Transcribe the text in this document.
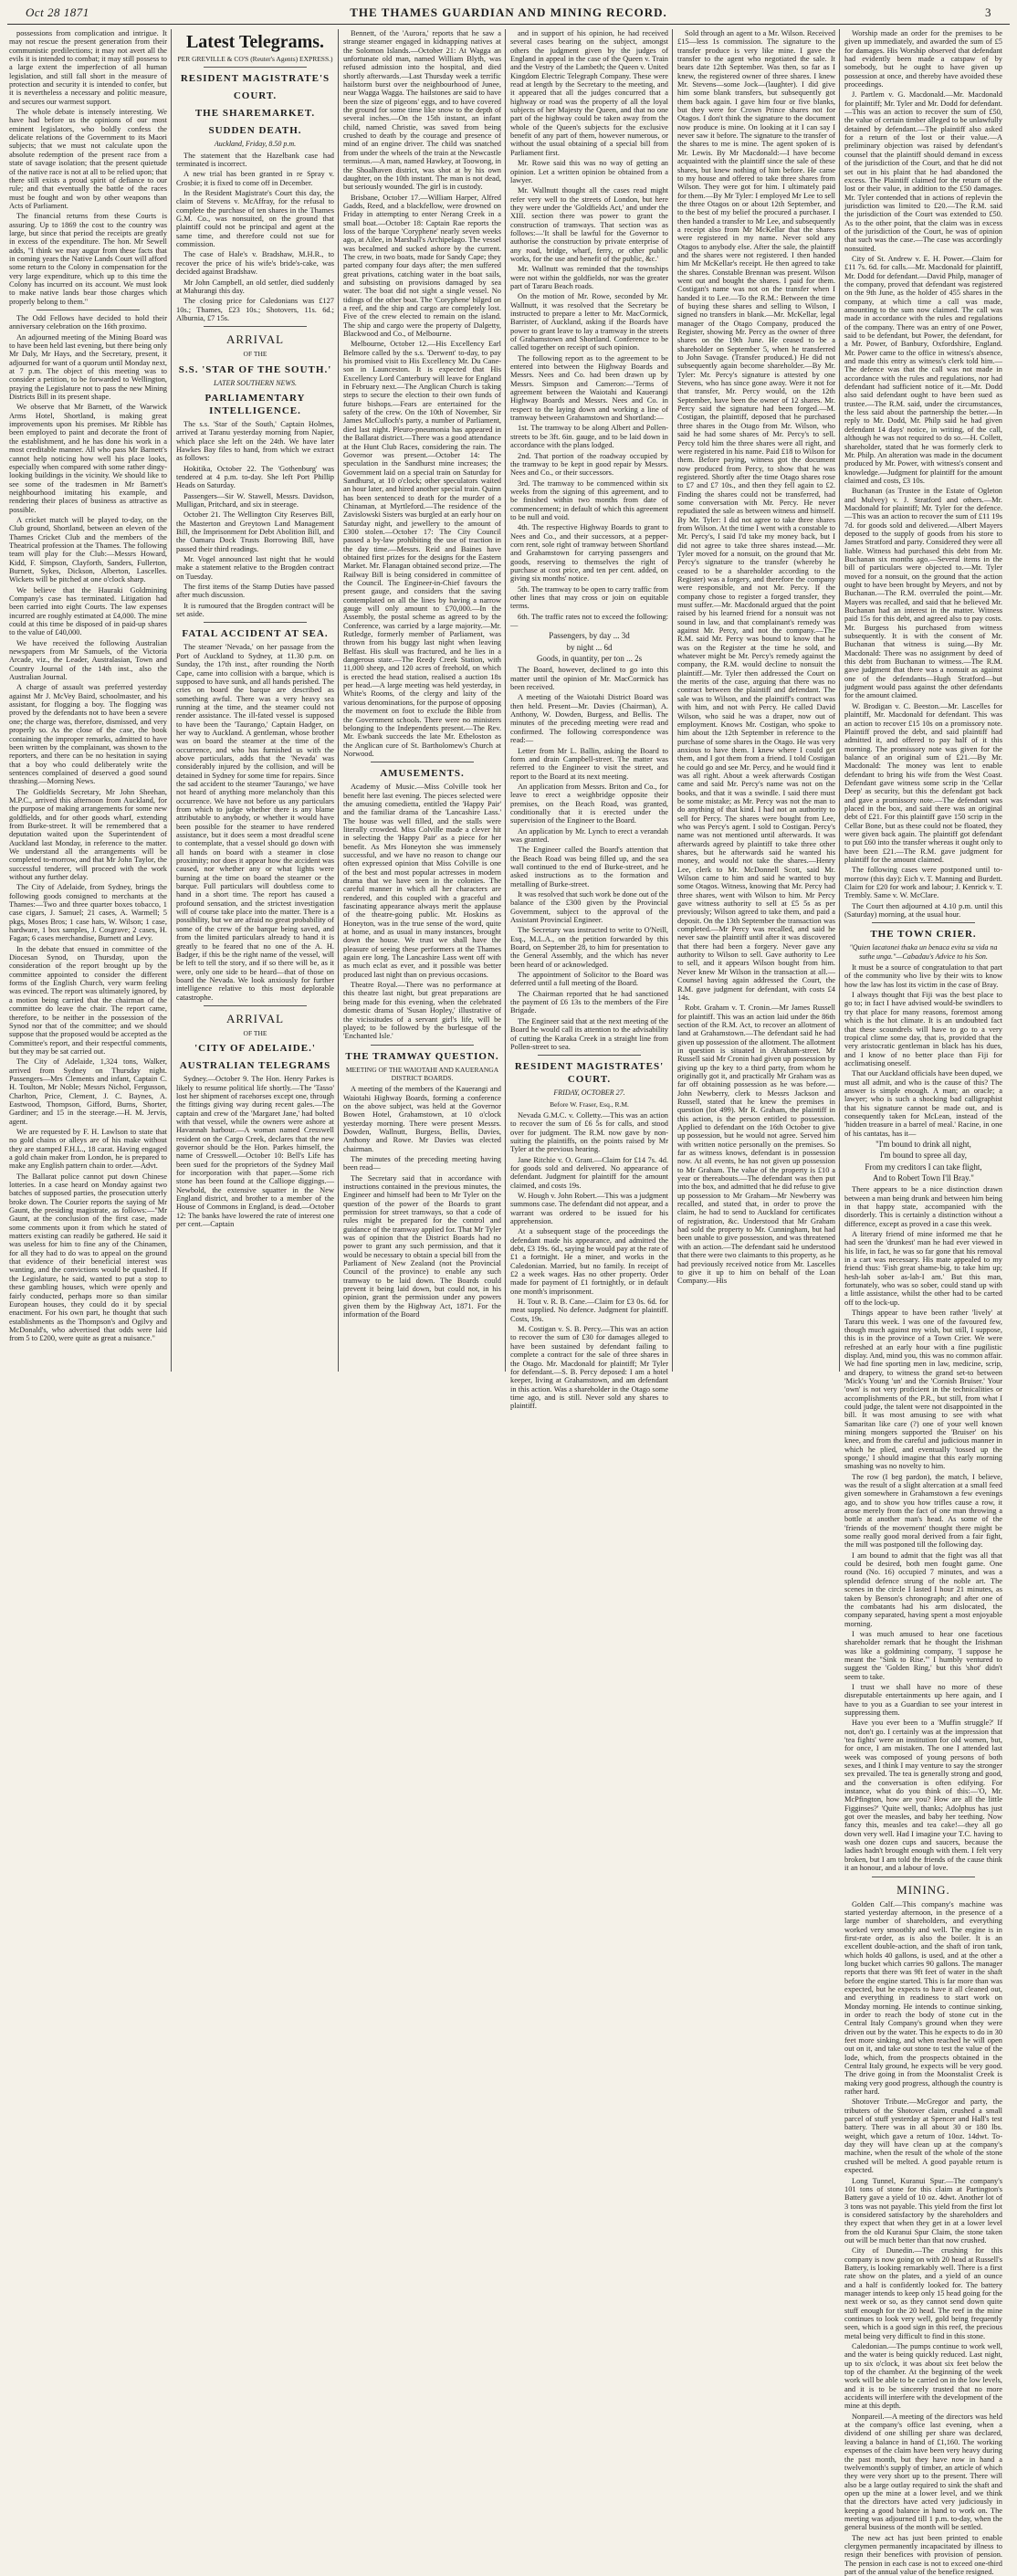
Oct 28 1871	THE THAMES GUARDIAN AND MINING RECORD.	3

possessions from complication and intrigue. It may not rescue the present generation from their communistic predilections; it may not avert all the evils it is intended to combat; it may still possess to a large extent the imperfection of all human legislation, and still fall short in the measure of protection and security it is intended to confer, but it is nevertheless a necessary and politic measure, and secures our warmest support.

The whole debate is intensely interesting. We have had before us the opinions of our most eminent legislators, who boldly confess the delicate relations of the Government to its Maori subjects; that we must not calculate upon the absolute redemption of the present race from a state of savage isolation; that the present quietude of the native race is not at all to be relied upon; that there still exists a proud spirit of defiance to our rule; and that eventually the battle of the races must be fought and won by other weapons than Acts of Parliament.

The financial returns from these Courts is assuring. Up to 1869 the cost to the country was large, but since that period the receipts are greatly in excess of the expenditure. The hon. Mr Sewell adds, "I think we may augur from these facts that in coming years the Native Lands Court will afford some return to the Colony in compensation for the very large expenditure, which up to this time the Colony has incurred on its account. We must look to make native lands bear those charges which properly belong to them."

The Odd Fellows have decided to hold their anniversary celebration on the 16th proximo.

An adjourned meeting of the Mining Board was to have been held last evening, but there being only Mr Daly, Mr Hays, and the Secretary, present, it adjourned for want of a quorum until Monday next, at 7 p.m. The object of this meeting was to consider a petition, to be forwarded to Wellington, praying the Legislature not to pass the new Mining Districts Bill in its present shape.

We observe that Mr Barnett, of the Warwick Arms Hotel, Shortland, is making great improvements upon his premises. Mr Ribble has been employed to paint and decorate the front of the establishment, and he has done his work in a most creditable manner. All who pass Mr Barnett's cannot help noticing how well his place looks, especially when compared with some rather dingy-looking buildings in the vicinity. We should like to see some of the tradesmen in Mr Barnett's neighbourhood imitating his example, and rendering their places of business as attractive as possible.

A cricket match will be played to-day, on the Club ground, Shortland, between an eleven of the Thames Cricket Club and the members of the Theatrical profession at the Thames. The following team will play for the Club:—Messrs Howard, Kidd, F. Simpson, Clayforth, Sanders, Fullerton, Burnett, Sykes, Dickson, Alberton, Lascelles. Wickets will be pitched at one o'clock sharp.

We believe that the Hauraki Goldmining Company's case has terminated. Litigation had been carried into eight Courts. The law expenses incurred are roughly estimated at £4,000. The mine could at this time be disposed of in paid-up shares to the value of £40,000.

We have received the following Australian newspapers from Mr Samuels, of the Victoria Arcade, viz., the Leader, Australasian, Town and Country Journal of the 14th inst., also the Australian Journal.

A charge of assault was preferred yesterday against Mr J. McVey Baird, schoolmaster, and his assistant, for flogging a boy. The flogging was proved by the defendants not to have been a severe one; the charge was, therefore, dismissed, and very properly so. As the close of the case, the book containing the improper remarks, admitted to have been written by the complainant, was shown to the reporters, and there can be no hesitation in saying that a boy who could deliberately write the sentences complained of deserved a good sound thrashing.—Morning News.

The Goldfields Secretary, Mr John Sheehan, M.P.C., arrived this afternoon from Auckland, for the purpose of making arrangements for some new goldfields, and for other goods wharf, extending from Burke-street. It will be remembered that a deputation waited upon the Superintendent of Auckland last Monday, in reference to the matter. We understand all the arrangements will be completed to-morrow, and that Mr John Taylor, the successful tenderer, will proceed with the work without any further delay.

The City of Adelaide, from Sydney, brings the following goods consigned to merchants at the Thames:—Two and three quarter boxes tobacco, 1 case cigars, J. Samuel; 21 cases, A. Warmell; 5 pkgs, Moses Bros; 1 case hats, W. Wilson; 1 case, hardware, 1 box samples, J. Cosgrave; 2 cases, H. Fagan; 6 cases merchandise, Burnett and Levy.

In the debate that ensued in committee of the Diocesan Synod, on Thursday, upon the consideration of the report brought up by the committee appointed to consider the different forms of the English Church, very warm feeling was evinced. The report was ultimately ignored, by a motion being carried that the chairman of the committee do leave the chair. The report came, therefore, to be neither in the possession of the Synod nor that of the committee; and we should suppose that the proposed would be accepted as the Committee's report, and their respectful comments, but they may be sat carried out.

The City of Adelaide, 1,324 tons, Walker, arrived from Sydney on Thursday night. Passengers—Mrs Clements and infant, Captain C. H. Toulton, Mr Noble; Messrs Nichol, Fergusson, Charlton, Price, Clement, J. C. Baynes, A. Eastwood, Thompson, Gifford, Burns, Shorter, Gardiner; and 15 in the steerage.—H. M. Jervis, agent.

We are requested by F. H. Lawlson to state that no gold chains or alleys are of his make without they are stamped F.H.L., 18 carat. Having engaged a gold chain maker from London, he is prepared to make any English pattern chain to order.—Advt.

The Ballarat police cannot put down Chinese lotteries. In a case heard on Monday against two batches of supposed parties, the prosecution utterly broke down. The Courier reports the saying of Mr Gaunt, the presiding magistrate, as follows:—"Mr Gaunt, at the conclusion of the first case, made some comments upon it from which he stated of matters existing can readily be gathered. He said it was useless for him to fine any of the Chinamen, for all they had to do was to appeal on the ground that evidence of their beneficial interest was wanting, and the convictions would be quashed. If the Legislature, he said, wanted to put a stop to these gambling houses, which were openly and fairly conducted, perhaps more so than similar European houses, they could do it by special enactment. For his own part, he thought that such establishments as the Thompson's and Ogilvy and McDonald's, who advertised that odds were laid from 5 to £200, were quite as great a nuisance."

Latest Telegrams.
PER GREVILLE & CO'S (Reuter's Agents) EXPRESS.)
RESIDENT MAGISTRATE'S
COURT.
THE SHAREMARKET.
SUDDEN DEATH.
Auckland, Friday, 8.50 p.m.

The statement that the Hazelbank case had terminated is incorrect.

A new trial has been granted in re Spray v. Crosbie; it is fixed to come off in December.

In the Resident Magistrate's Court this day, the claim of Stevens v. McAffray, for the refusal to complete the purchase of ten shares in the Thames G.M. Co., was nonsuited, on the ground that plaintiff could not be principal and agent at the same time, and therefore could not sue for commission.

The case of Hale's v. Bradshaw, M.H.R., to recover the price of his wife's bride's-cake, was decided against Bradshaw.

Mr John Campbell, an old settler, died suddenly at Mahurangi this day.

The closing price for Caledonians was £127 10s.; Thames, £23 10s.; Shotovers, 11s. 6d.; Alburnia, £7 15s.

ARRIVAL
OF THE
S.S. 'STAR OF THE SOUTH.'
LATER SOUTHERN NEWS.
PARLIAMENTARY INTELLIGENCE.

The s.s. 'Star of the South,' Captain Holmes, arrived at Taranu yesterday morning from Napier, which place she left on the 24th. We have later Hawkes Bay files to hand, from which we extract as follows:

Hokitika, October 22. The 'Gothenburg' was tendered at 4 p.m. to-day. She left Port Phillip Heads on Saturday.

Passengers—Sir W. Stawell, Messrs. Davidson, Mulligan, Pritchard, and six in steerage.

October 21. The Wellington City Reserves Bill, the Masterton and Greytown Land Management Bill, the Imprisonment for Debt Abolition Bill, and the Oamaru Dock Trusts Borrowing Bill, have passed their third readings.

Mr. Vogel announced last night that he would make a statement relative to the Brogden contract on Tuesday.

The first items of the Stamp Duties have passed after much discussion.

It is rumoured that the Brogden contract will be set aside.

FATAL ACCIDENT AT SEA.

The steamer 'Nevada,' on her passage from the Port of Auckland to Sydney, at 11.30 p.m. on Sunday, the 17th inst., after rounding the North Cape, came into collision with a barque, which is supposed to have sunk, and all hands perished. The cries on board the barque are described as something awful. There was a very heavy sea running at the time, and the steamer could not render assistance. The ill-fated vessel is supposed to have been the 'Taurango,' Captain Hadger, on her way to Auckland. A gentleman, whose brother was on board the steamer at the time of the occurrence, and who has furnished us with the above particulars, adds that the 'Nevada' was considerably injured by the collision, and will be detained in Sydney for some time for repairs. Since the sad accident to the steamer 'Taurango,' we have not heard of anything more melancholy than this occurrence. We have not before us any particulars from which to judge whether there is any blame attributable to anybody, or whether it would have been possible for the steamer to have rendered assistance, but it does seem a most dreadful scene to contemplate, that a vessel should go down with all hands on board with a steamer in close proximity; nor does it appear how the accident was caused, nor whether any or what lights were burning at the time on board the steamer or the barque. Full particulars will doubtless come to hand in a short time. The report has caused a profound sensation, and the strictest investigation will of course take place into the matter. There is a possibility, but we are afraid no great probability of some of the crew of the barque being saved, and from the limited particulars already to hand it is greatly to be feared that no one of the A. H. Badger, if this be the right name of the vessel, will be left to tell the story, and if so there will be, as it were, only one side to be heard—that of those on board the Nevada. We look anxiously for further intelligence relative to this most deplorable catastrophe.

ARRIVAL
OF THE
'CITY OF ADELAIDE.'
AUSTRALIAN TELEGRAMS

Sydney.—October 9. The Hon. Henry Parkes is likely to resume political life shortly.—The 'Tasso' lost her shipment of racehorses except one, through the fittings giving way during recent gales.—The captain and crew of the 'Margaret Jane,' had bolted with that vessel, while the owners were ashore at Havannah harbour.—A woman named Cresswell resident on the Cargo Creek, declares that the new governor should be the Hon. Parkes himself, the name of Cresswell.—October 10: Bell's Life has been sued for the proprietors of the Sydney Mail for incorporation with that paper.—Some rich stone has been found at the Calliope diggings.—Newbold, the extensive squatter in the New England district, and brother to a member of the House of Commons in England, is dead.—October 12: The banks have lowered the rate of interest one per cent.—Captain

Bennett, of the 'Aurora,' reports that he saw a strange steamer engaged in kidnapping natives at the Solomon Islands.—October 21: At Wagga an unfortunate old man, named William Blyth, was refused admission into the hospital, and died shortly afterwards.—Last Thursday week a terrific hailstorm burst over the neighbourhood of Junee, near Wagga Wagga. The hailstones are said to have been the size of pigeons' eggs, and to have covered the ground for some time like snow to the depth of several inches.—On the 15th instant, an infant child, named Christie, was saved from being crushed to death by the courage and presence of mind of an engine driver. The child was snatched from under the wheels of the train at the Newcastle terminus.—A man, named Hawkey, at Toowong, in the Shoalhaven district, was shot at by his own daughter, on the 10th instant. The man is not dead, but seriously wounded. The girl is in custody.

Brisbane, October 17.—William Harper, Alfred Gadds, Reed, and a blackfellow, were drowned on Friday in attempting to enter Nerang Creek in a small boat.—October 18: Captain Rae reports the loss of the barque 'Coryphene' nearly seven weeks ago, at Ailee, in Marshall's Archipelago. The vessel was becalmed and sucked ashore by the current. The crew, in two boats, made for Sandy Cape; they parted company four days after; the men suffered great privations, catching water in the boat sails, and subsisting on provisions damaged by sea water. The boat did not sight a single vessel. No tidings of the other boat. The 'Coryphene' bilged on a reef, and the ship and cargo are completely lost. Five of the crew elected to remain on the island. The ship and cargo were the property of Dalgetty, Blackwood and Co., of Melbourne.

Melbourne, October 12.—His Excellency Earl Belmore called by the s.s. 'Derwent' to-day, to pay his promised visit to His Excellency Mr. Du Cane-son in Launceston. It is expected that His Excellency Lord Canterbury will leave for England in February next.—The Anglican Church is taking steps to secure the election to their own funds of future bishops.—Fears are entertained for the safety of the crew. On the 10th of November, Sir James McCulloch's party, a number of Parliament, died last night. Pleuro-pneumonia has appeared in the Ballarat district.—There was a good attendance at the Hunt Club Races, considering the rain. The Governor was present.—October 14: The speculation in the Sandhurst mine increases; the Government laid on a special train on Saturday for Sandhurst, at 10 o'clock; other speculators waited an hour later, and hired another special train. Quinn has been sentenced to death for the murder of a Chinaman, at Myrtleford.—The residence of the Zavislowski Sisters was burgled at an early hour on Saturday night, and jewellery to the amount of £300 stolen.—October 17: The City Council passed a by-law prohibiting the use of traction in the day time.—Messrs. Reid and Baines have obtained first prizes for the designs for the Eastern Market. Mr. Flanagan obtained second prize.—The Railway Bill is being considered in committee of the Council. The Engineer-in-Chief favours the present gauge, and considers that the saving contemplated on all the lines by having a narrow gauge will only amount to £70,000.—In the Assembly, the postal scheme as agreed to by the Conference, was carried by a large majority.—Mr. Rutledge, formerly member of Parliament, was thrown from his buggy last night when leaving Belfast. His skull was fractured, and he lies in a dangerous state.—The Reedy Creek Station, with 11,000 sheep, and 120 acres of freehold, on which is erected the head station, realised a auction 18s per head.—A large meeting was held yesterday, in White's Rooms, of the clergy and laity of the various denominations, for the purpose of opposing the movement on foot to exclude the Bible from the Government schools. There were no ministers belonging to the Independents present.—The Rev. Mr. Ewbank succeeds the late Mr. Etheloston as the Anglican cure of St. Bartholomew's Church at Norwood.

AMUSEMENTS.

Academy of Music.—Miss Colville took her benefit here last evening. The pieces selected were the amusing comedietta, entitled the 'Happy Pair' and the familiar drama of the 'Lancashire Lass.' The house was well filled, and the stalls were literally crowded. Miss Colville made a clever hit in selecting the 'Happy Pair' as a piece for her benefit. As Mrs Honeyton she was immensely successful, and we have no reason to change our often expressed opinion that Miss Colville is one of the best and most popular actresses in modern drama that we have seen in the colonies. The careful manner in which all her characters are rendered, and this coupled with a graceful and fascinating appearance always merit the applause of the theatre-going public. Mr. Hoskins as Honeyton, was in the true sense of the word, quite at home, and as usual in many instances, brought down the house. We trust we shall have the pleasure of seeing these performers at the Thames again ere long. The Lancashire Lass went off with as much eclat as ever, and it possible was better produced last night than on previous occasions.

Theatre Royal.—There was no performance at this theatre last night, but great preparations are being made for this evening, when the celebrated domestic drama of 'Susan Hopley,' illustrative of the vicissitudes of a servant girl's life, will be played; to be followed by the burlesque of the 'Enchanted Isle.'

THE TRAMWAY QUESTION.
MEETING OF THE WAIOTAHI AND KAUERANGA DISTRICT BOARDS.

A meeting of the members of the Kauerangi and Waiotahi Highway Boards, forming a conference on the above subject, was held at the Governor Bowen Hotel, Grahamstown, at 10 o'clock yesterday morning. There were present Messrs. Dowden, Wallnutt, Burgess, Bellis, Davies, Anthony and Rowe. Mr Davies was elected chairman.

The minutes of the preceding meeting having been read—

The Secretary said that in accordance with instructions contained in the previous minutes, the Engineer and himself had been to Mr Tyler on the question of the power of the Boards to grant permission for street tramways, so that a code of rules might be prepared for the control and guidance of the tramway applied for. That Mr Tyler was of opinion that the District Boards had no power to grant any such permission, and that it would be necessary to obtain a special bill from the Parliament of New Zealand (not the Provincial Council of the province) to enable any such tramway to be laid down. The Boards could prevent it being laid down, but could not, in his opinion, grant the permission under any powers given them by the Highway Act, 1871. For the information of the Board

and in support of his opinion, he had received several cases bearing on the subject, amongst others the judgment given by the judges of England in appeal in the case of the Queen v. Train and the Vestry of the Lambeth; the Queen v. United Kingdom Electric Telegraph Company. These were read at length by the Secretary to the meeting, and it appeared that all the judges concurred that a highway or road was the property of all the loyal subjects of her Majesty the Queen, and that no one part of the highway could be taken away from the whole of the Queen's subjects for the exclusive benefit of any part of them, however numerous, or without the usual obtaining of a special bill from Parliament first.

Mr. Rowe said this was no way of getting an opinion. Let a written opinion be obtained from a lawyer.

Mr. Wallnutt thought all the cases read might refer very well to the streets of London, but here they were under the 'Goldfields Act,' and under the XIII. section there was power to grant the construction of tramways. That section was as follows:—'It shall be lawful for the Governor to authorise the construction by private enterprise of any road, bridge, wharf, ferry, or other public works, for the use and benefit of the public, &c.'

Mr. Wallnutt was reminded that the townships were not within the goldfields, nor was the greater part of Tararu Beach roads.

On the motion of Mr. Rowe, seconded by Mr. Wallnutt, it was resolved that the Secretary be instructed to prepare a letter to Mr. MacCormick, Barrister, of Auckland, asking if the Boards have power to grant leave to lay a tramway in the streets of Grahamstown and Shortland. Conference to be called together on receipt of such opinion.

The following report as to the agreement to be entered into between the Highway Boards and Messrs. Nees and Co. had been drawn up by Messrs. Simpson and Cameron:—'Terms of agreement between the Waiotahi and Kauerangi Highway Boards and Messrs. Nees and Co. in respect to the laying down and working a line of tramway between Grahamstown and Shortland:—

1st. The tramway to be along Albert and Pollen-streets to be 3ft. 6in. gauge, and to be laid down in accordance with the plans lodged.

2nd. That portion of the roadway occupied by the tramway to be kept in good repair by Messrs. Nees and Co., or their successors.

3rd. The tramway to be commenced within six weeks from the signing of this agreement, and to be finished within two months from date of commencement; in default of which this agreement to be null and void.

4th. The respective Highway Boards to grant to Nees and Co., and their successors, at a pepper-corn rent, sole right of tramway between Shortland and Grahamstown for carrying passengers and goods, reserving to themselves the right of purchase at cost price, and ten per cent. added, on giving six months' notice.

5th. The tramway to be open to carry traffic from other lines that may cross or join on equitable terms.

6th. The traffic rates not to exceed the following:—

Passengers, by day ... 3d
by night ... 6d
Goods, in quantity, per ton ... 2s

The Board, however, declined to go into this matter until the opinion of Mr. MacCormick has been received.

A meeting of the Waiotahi District Board was then held. Present—Mr. Davies (Chairman), A. Anthony, W. Dowden, Burgess, and Bellis. The minutes of the preceding meeting were read and confirmed. The following correspondence was read:—

Letter from Mr L. Ballin, asking the Board to form and drain Campbell-street. The matter was referred to the Engineer to visit the street, and report to the Board at its next meeting.

An application from Messrs. Briton and Co., for leave to erect a weighbridge opposite their premises, on the Beach Road, was granted, conditionally that it is erected under the supervision of the Engineer to the Board.

An application by Mr. Lynch to erect a verandah was granted.

The Engineer called the Board's attention that the Beach Road was being filled up, and the sea wall continued to the end of Burke-street, and he asked instructions as to the formation and metalling of Burke-street.

It was resolved that such work be done out of the balance of the £300 given by the Provincial Government, subject to the approval of the Assistant Provincial Engineer.

The Secretary was instructed to write to O'Neill, Esq., M.L.A., on the petition forwarded by this Board, on September 28, to him for presentation to the General Assembly, and the which has never been heard of or acknowledged.

The appointment of Solicitor to the Board was deferred until a full meeting of the Board.

The Chairman reported that he had sanctioned the payment of £6 13s to the members of the Fire Brigade.

The Engineer said that at the next meeting of the Board he would call its attention to the advisability of cutting the Karaka Creek in a straight line from Pollen-street to sea.

RESIDENT MAGISTRATES' COURT.
FRIDAY, OCTOBER 27.
Before W. Fraser, Esq., R.M.

Nevada G.M.C. v. Colletty.—This was an action to recover the sum of £6 5s for calls, and stood over for judgment. The R.M. now gave by non-suiting the plaintiffs, on the points raised by Mr Tyler at the previous hearing.

Jane Ritchie v. O. Grant.—Claim for £14 7s. 4d. for goods sold and delivered. No appearance of defendant. Judgment for plaintiff for the amount claimed, and costs 19s.

W. Hough v. John Robert.—This was a judgment summons case. The defendant did not appear, and a warrant was ordered to be issued for his apprehension.

At a subsequent stage of the proceedings the defendant made his appearance, and admitted the debt, £3 19s. 6d., saying he would pay at the rate of £1 a fortnight. He a miner, and works in the Caledonian. Married, but no family. In receipt of £2 a week wages. Has no other property. Order made for payment of £1 fortnightly, or in default one month's imprisonment.

H. Tout v. R. B. Cane.—Claim for £3 0s. 6d. for meat supplied. No defence. Judgment for plaintiff. Costs, 19s.

M. Costigan v. S. B. Percy.—This was an action to recover the sum of £30 for damages alleged to have been sustained by defendant failing to complete a contract for the sale of three shares in the Otago. Mr. Macdonald for plaintiff; Mr Tyler for defendant.—S. B. Percy deposed: I am a hotel keeper, living at Grahamstown, and am defendant in this action. Was a shareholder in the Otago some time ago, and is still. Never sold any shares to plaintiff.

Sold through an agent to a Mr. Wilson. Received £15—less 1s commission. The signature to the transfer produce is very like mine. I gave the transfer to the agent who negotiated the sale. It bears date 12th September. Was then, so far as I knew, the registered owner of three shares. I knew Mr. Stevens—some Jock—(laughter). I did give him some blank transfers, but subsequently got them back again. I gave him four or five blanks, but they were for Crown Prince shares not for Otagos. I don't think the signature to the document now produce is mine. On looking at it I can say I never saw it before. The signature to the transfer of the shares to me is mine. The agent spoken of is Mr. Lewis. By Mr Macdonald:—I have become acquainted with the plaintiff since the sale of these shares, but knew nothing of him before. He came to my house and offered to take three shares from Wilson. They were got for him. I ultimately paid for them.—By Mr Tyler: I employed Mr Lee to sell the three Otagos on or about 12th September, and to the best of my belief the procured a purchaser. I then handed a transfer to Mr Lee, and subsequently a receipt also from Mr McKellar that the shares were registered in my name. Never sold any Otagos to anybody else. After the sale, the plaintiff and the shares were not registered. I then handed him Mr McKellar's receipt. He then agreed to take the shares. Constable Brennan was present. Wilson went out and bought the shares. I paid for them. Costigan's name was not on the transfer when I handed it to Lee.—To the R.M.: Between the time of buying these shares and selling to Wilson, I signed no transfers in blank.—Mr. McKellar, legal manager of the Otago Company, produced the Register, showing Mr. Percy as the owner of three shares on the 19th June. He ceased to be a shareholder on September 5, when he transferred to John Savage. (Transfer produced.) He did not subsequently again become shareholder.—By Mr. Tyler: Mr. Percy's signature is attested by one Stevens, who has since gone away. Were it not for that transfer, Mr. Percy would, on the 12th September, have been the owner of 12 shares. Mr. Percy said the signature had been forged.—M. Costigan, the plaintiff, deposed that he purchased three shares in the Otago from Mr. Wilson, who said he had some shares of Mr. Percy's to sell. Percy told him the three shares were all right, and were registered in his name. Paid £18 to Wilson for them. Before paying, witness got the document now produced from Percy, to show that he was registered. Shortly after the time Otago shares rose to £7 and £7 10s., and then they fell again to £2. Finding the shares could not be transferred, had some conversation with Mr. Percy. He never repudiated the sale as between witness and himself. By Mr. Tyler: I did not agree to take three shares from Wilson. At the time I went with a constable to Mr. Percy's, I said I'd take my money back, but I did not agree to take three shares instead.—Mr. Tyler moved for a nonsuit, on the ground that Mr. Percy's signature to the transfer (whereby he ceased to be a shareholder according to the Register) was a forgery, and therefore the company were responsible, and not Mr. Percy. If the company chose to register a forged transfer, they must suffer.—Mr. Macdonald argued that the point raised by his learned friend for a nonsuit was not sound in law, and that complainant's remedy was against Mr. Percy, and not the company.—The R.M. said Mr. Percy was bound to know that he was on the Register at the time he sold, and whatever might be Mr. Percy's remedy against the company, the R.M. would decline to nonsuit the plaintiff.—Mr. Tyler then addressed the Court on the merits of the case, arguing that there was no contract between the plaintiff and defendant. The sale was to Wilson, and the plaintiff's contract was with him, and not with Percy. He called David Wilson, who said he was a draper, now out of employment. Knows Mr. Costigan, who spoke to him about the 12th September in reference to the purchase of some shares in the Otago. He was very anxious to have them. I knew where I could get them, and I got them from a friend. I told Costigan he could go and see Mr. Percy, and he would find it was all right. About a week afterwards Costigan came and said Mr. Percy's name was not on the books, and that it was a swindle. I said there must be some mistake; as Mr. Percy was not the man to do anything of that kind. I had not an authority to sell for Percy. The shares were bought from Lee, who was Percy's agent. I sold to Costigan. Percy's name was not mentioned until afterwards. It was afterwards agreed by plaintiff to take three other shares, but he afterwards said he wanted his money, and would not take the shares.—Henry Lee, clerk to Mr. McDonnell Scott, said Mr. Wilson came to him and said he wanted to buy some Otagos. Witness, knowing that Mr. Percy had three shares, went with Wilson to him. Mr Percy gave witness authority to sell at £5 5s as per previously; Wilson agreed to take them, and paid a deposit. On the 13th September the transaction was completed.—Mr Percy was recalled, and said he never saw the plaintiff until after it was discovered that there had been a forgery. Never gave any authority to Wilson to sell. Gave authority to Lee to sell, and it appears Wilson bought from him. Never knew Mr Wilson in the transaction at all.—Counsel having again addressed the Court, the R.M. gave judgment for defendant, with costs £4 14s.

Robt. Graham v. T. Cronin.—Mr James Russell for plaintiff. This was an action laid under the 86th section of the R.M. Act, to recover an allotment of land at Grahamstown.—The defendant said he had given up possession of the allotment. The allotment in question is situated in Abraham-street. Mr Russell said Mr Cronin had given up possession by giving up the key to a third party, from whom he originally got it, and practically Mr Graham was as far off obtaining possession as he was before.—John Newberry, clerk to Messrs Jackson and Russell, stated that he knew the premises in question (lot 499). Mr R. Graham, the plaintiff in this action, is the person entitled to possession. Applied to defendant on the 16th October to give up possession, but he would not agree. Served him with written notice personally on the premises. So far as witness knows, defendant is in possession now. At all events, he has not given up possession to Mr Graham. The value of the property is £10 a year or thereabouts.—The defendant was then put into the box, and admitted that he did refuse to give up possession to Mr Graham—Mr Newberry was recalled, and stated that, in order to prove the claim, he had to send to Auckland for certificates of registration, &c. Understood that Mr Graham had sold the property to Mr. Cunningham, but had been unable to give possession, and was threatened with an action.—The defendant said he understood that there were two claimants to this property, as he had previously received notice from Mr. Lascelles to give it up to him on behalf of the Loan Company.—His

Worship made an order for the premises to be given up immediately, and awarded the sum of £5 for damages. His Worship observed that defendant had evidently been made a catspaw of by somebody, but he ought to have given up possession at once, and thereby have avoided these proceedings.

J. Partlem v. G. Macdonald.—Mr. Macdonald for plaintiff; Mr. Tyler and Mr. Dodd for defendant.—This was an action to recover the sum of £50, the value of certain timber alleged to be unlawfully detained by defendant.—The plaintiff also asked for a return of the lost or their value.—A preliminary objection was raised by defendant's counsel that the plaintiff should demand in excess of the jurisdiction of the Court, and that he did not set out in his plaint that he had abandoned the excess. The Plaintiff claimed for the return of the lost or their value, in addition to the £50 damages. Mr. Tyler contended that in actions of replevin the jurisdiction was limited to £20.—The R.M. said the jurisdiction of the Court was extended to £50. As to the other point, that the claim was in excess of the jurisdiction of the Court, he was of opinion that such was the case.—The case was accordingly nonsuited.

City of St. Andrew v. E. H. Power.—Claim for £11 7s. 6d. for calls.—Mr. Macdonald for plaintiff, Mr. Dodd for defendant.—David Philp, manager of the company, proved that defendant was registered on the 9th June, as the holder of 455 shares in the company, at which time a call was made, amounting to the sum now claimed. The call was made in accordance with the rules and regulations of the company. There was an entry of one Power, said to be defendant, but Power, the defendant, for a Mr. Power, of Banbury, Oxfordshire, England. Mr. Power came to the office in witness's absence, and made this entry as witness's clerk told him.—The defence was that the call was not made in accordance with the rules and regulations, nor had defendant had sufficient notice of it.—Mr. Dodd also said defendant ought to have been sued as trustee.—The R.M. said, under the circumstances, the less said about the partnership the better.—In reply to Mr. Dodd, Mr. Philp said he had given defendant 14 days' notice, in writing, of the call, although he was not required to do so.—H. Collett, shareholder, stated that he was formerly clerk to Mr. Philp. An alteration was made in the document produced by Mr. Power, with witness's consent and knowledge.—Judgment for plaintiff for the amount claimed and costs, £3 10s.

Buchanan (as Trustee in the Estate of Ogleton and Mulvey) v. J. Stratford and others.—Mr. Macdonald for plaintiff; Mr. Tyler for the defence.—This was an action to recover the sum of £11 19s 7d. for goods sold and delivered.—Albert Mayers deposed to the supply of goods from his store to James Stratford and party. Considered they were all liable. Witness had purchased this debt from Mr. Buchanan six months ago.—Several items in the bill of particulars were objected to.—Mr. Tyler moved for a nonsuit, on the ground that the action ought to have been brought by Meyers, and not by Buchanan.—The R.M. overruled the point.—Mr. Mayers was recalled, and said that he believed Mr. Buchanan had an interest in the matter. Witness paid 15s for this debt, and agreed also to pay costs. Mr. Burgess his purchased from witness subsequently. It is with the consent of Mr. Buchanan that witness is suing.—By Mr. Macdonald: There was no assignment by deed of this debt from Buchanan to witness.—The R.M. gave judgment that there was a nonsuit as against one of the defendants—Hugh Stratford—but judgment would pass against the other defendants for the amount claimed.

W. Brodigan v. C. Beeston.—Mr. Lascelles for plaintiff, Mr. Macdonald for defendant. This was an action to recover £15 10s on a promissory note. Plaintiff proved the debt, and said plaintiff had admitted it, and offered to pay half of it this morning. The promissory note was given for the balance of an original sum of £21.—By Mr. Macdonald: The money was lent to enable defendant to bring his wife from the West Coast. Defendant gave witness some scrip in the 'Cellar Deep' as security, but this the defendant got back and gave a promissory note.—The defendant was placed in the box, and said there was an original debt of £21. For this plaintiff gave 150 scrip in the Cellar Bone, but as these could not be floated, they were given back again. The plaintiff got defendant to put £60 into the transfer whereas it ought only to have been £21.—The R.M. gave judgment for plaintiff for the amount claimed.

The following cases were postponed until to-morrow (this day): Eich v. T. Manning and Burdett. Claim for £20 for work and labour; J. Kenrick v. T. Trembly. Same v. W. McClare.

The Court then adjourned at 4.10 p.m. until this (Saturday) morning, at the usual hour.

THE TOWN CRIER.
"Quien lacatonei thaka un benaca evita sa vida na suthe unga."—Cabadau's Advice to his Son.

It must be a source of congratulation to that part of the community who live by their wits to know how the law has lost its victim in the case of Bray.

I always thought that Fiji was the best place to go to; in fact I have advised would-be swindlers to try that place for many reasons, foremost among which is the hot climate. It is an undoubted fact that these scoundrels will have to go to a very tropical clime some day, that is, provided that the very aristocratic gentleman in black has his dues, and I know of no better place than Fiji for acclimatising oneself.

That our Auckland officials have been duped, we must all admit, and who is the cause of this? The answer is simple enough. A man; an oracle; a lawyer; who is such a shocking bad calligraphist that his signature cannot be made out, and is consequently taken for McLean, instead of the 'hidden treasure in a barrel of meal.' Racine, in one of his cantatas, has it—

"I'm bound to drink all night,
I'm bound to spree all day,
From my creditors I can take flight,
And to Robert Town I'll Bray."

There appears to be a nice distinction drawn between a man being drunk and between him being in that happy state, accompanied with the disorderly. This is certainly a distinction without a difference, except as proved in a case this week.

A literary friend of mine informed me that he had seen the 'drunkest' man he had ever viewed in his life, in fact, he was so far gone that his removal in a cart was necessary. His mate appealed to my friend thus: 'Fish great shame-big, to take him up; hesh-lah sober as-lah-I am.' But this man, fortunately, who was so sober, could stand up with a little assistance, whilst the other had to be carted off to the lock-up.

Things appear to have been rather 'lively' at Tararu this week. I was one of the favoured few, though much against my wish, but still, I suppose, this is in the province of a Town Crier. We were refreshed at an early hour with a fine pugilistic display. And, mind you, this was no common affair. We had fine sporting men in law, medicine, scrip, and drapery, to witness the grand set-to between 'Mick's Young 'un' and the 'Cornish Bruiser.' Your 'own' is not very proficient in the technicalities or accomplishments of the P.R., but still, from what I could judge, the talent were not disappointed in the bill. It was most amusing to see with what Samaritan like care (?) one of your well known mining mongers supported the 'Bruiser' on his knee, and from the careful and judicious manner in which he plied, and eventually 'tossed up the sponge,' I should imagine that this early morning smashing was no novelty to him.

The row (I beg pardon), the match, I believe, was the result of a slight altercation at a small feed given somewhere in Grahamstown a few evenings ago, and to show you how trifles cause a row, it arose merely from the fact of one man throwing a bottle at another man's head. As some of the 'friends of the movement' thought there might be some really good moral derived from a fair fight, the mill was postponed till the following day.

I am bound to admit that the fight was all that could be desired, both men fought game. One round (No. 16) occupied 7 minutes, and was a splendid defence strung of the noble art. The scenes in the circle I lasted I hour 21 minutes, as taken by Benson's chronograph; and after one of the combatants had his arm dislocated, the company separated, having spent a most enjoyable morning.

I was much amused to hear one facetious shareholder remark that he thought the Irishman was like a goldmining company, 'I suppose he meant the "Sink to Rise."' I humbly ventured to suggest the 'Golden Ring,' but this 'shot' didn't seem to take.

I trust we shall have no more of these disreputable entertainments up here again, and I have to you as a Guardian to see your interest in suppressing them.

Have you ever been to a 'Muffin struggle?' If not, don't go. I certainly was at the impression that 'tea fights' were an institution for old women, but, for once, I am mistaken. The one I attended last week was composed of young persons of both sexes, and I think I may venture to say the stronger sex prevailed. The tea is generally strong and good, and the conversation is often edifying. For instance, what do you think of this:—'O, Mr. McPfington, how are you? How are all the little Figginses?' 'Quite well, thanks; Adolphus has just got over the measles, and baby her teething. Now fancy this, measles and tea cake!—they all go down very well. Had I imagine your T.C. having to wash one dozen cups and saucers, because the ladies hadn't brought enough with them. I felt very broken, but I am told the friends of the cause think it an honour, and a labour of love.

MINING.

Golden Calf.—This company's machine was started yesterday afternoon, in the presence of a large number of shareholders, and everything worked very smoothly and well. The engine is in first-rate order, as is also the boiler. It is an excellent double-action, and the shaft of iron tank, which holds 40 gallons, is used, and at the other a long bucket which carries 90 gallons. The manager reports that there was 9ft feet of water in the shaft before the engine started. This is far more than was expected, but he expects to have it all cleaned out, and everything in readiness to start work on Monday morning. He intends to continue sinking, in order to reach the body of stone cut in the Central Italy Company's ground when they were driven out by the water. This he expects to do in 30 feet more sinking, and when reached he will open out on it, and take out stone to test the value of the lode, which, from the prospects obtained in the Central Italy ground, he expects will be very good. The drive going in from the Moonstalist Creek is making very good progress, although the country is rather hard.

Shotover Tribute.—McGregor and party, the tributers of the Shotover claim, crushed a small parcel of stuff yesterday at Spencer and Hall's test battery. There was in all about 30 or 180 lbs. weight, which gave a return of 10oz. 14dwt. To-day they will have clean up at the company's machine, when the result of the whole of the stone crushed will be melted. A good payable return is expected.

Long Tunnel, Kuranui Spur.—The company's 101 tons of stone for this claim at Partington's Battery gave a yield of 10 oz. 4dwt. Another lot of 3 tons was not payable. This yield from the first lot is considered satisfactory by the shareholders and they expect that when they get in at a lower level from the old Kuranui Spur Claim, the stone taken out will be much better than that now crushed.

City of Dunedin.—The crushing for this company is now going on with 20 head at Russell's Battery, is looking remarkably well. There is a first rate show on the plates, and a yield of an ounce and a half is confidently looked for. The battery manager intends to keep only 15 head going for the next week or so, as they cannot send down quite stuff enough for the 20 head. The reef in the mine continues to look very well, gold being frequently seen, which is a good sign in this reef, the precious metal being very difficult to find in this stone.

Caledonian.—The pumps continue to work well, and the water is being quickly reduced. Last night, up to six o'clock, it was about six feet below the top of the chamber. At the beginning of the week work will be able to be carried on in the low levels, and it is to be sincerely trusted that no more accidents will interfere with the development of the mine at this depth.

Nonpareil.—A meeting of the directors was held at the company's office last evening, when a dividend of one shilling per share was declared, leaving a balance in hand of £1,160. The working expenses of the claim have been very heavy during the past month, but they have now in hand a twelvemonth's supply of timber, an article of which they were very short up to the present. There will also be a large outlay required to sink the shaft and open up the mine at a lower level, and we think that the directors have acted very judiciously in keeping a good balance in hand to work on. The meeting was adjourned till 1 p.m. to-day, when the general business of the month will be settled.

The new act has just been printed to enable clergymen permanently incapacitated by illness to resign their benefices with provision of pension. The pension in each case is not to exceed one-third part of the annual value of the benefice resigned.
